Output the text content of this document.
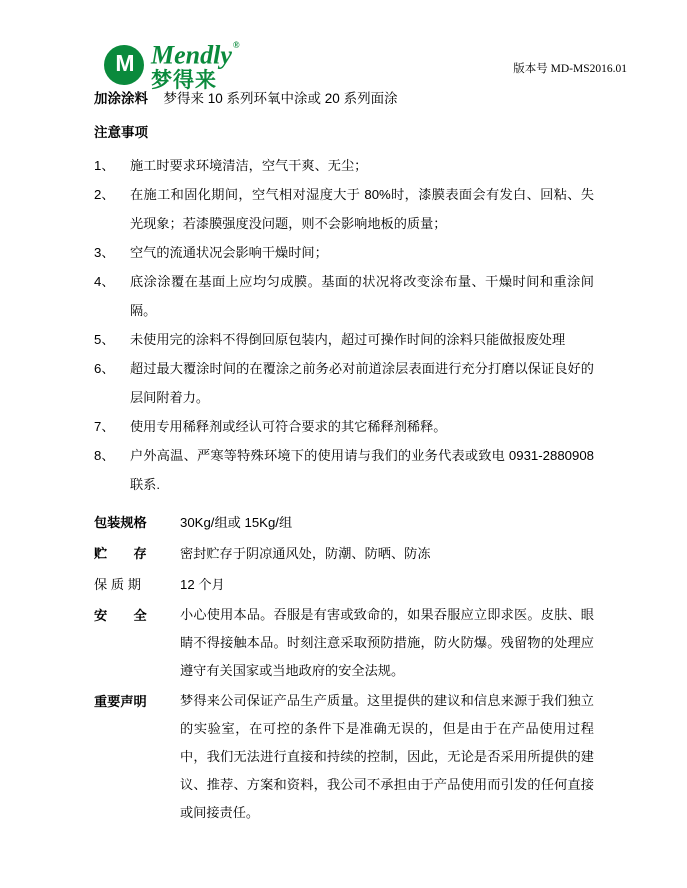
M Mendly®
梦得来	版本号 MD-MS2016.01
加涂涂料 梦得来 10 系列环氧中涂或 20 系列面涂
注意事项
1、 施工时要求环境清洁，空气干爽、无尘；
2、 在施工和固化期间，空气相对湿度大于 80%时，漆膜表面会有发白、回粘、失光现象；若漆膜强度没问题，则不会影响地板的质量；
3、 空气的流通状况会影响干燥时间；
4、 底涂涂覆在基面上应均匀成膜。基面的状况将改变涂布量、干燥时间和重涂间隔。
5、 未使用完的涂料不得倒回原包装内，超过可操作时间的涂料只能做报废处理
6、 超过最大覆涂时间的在覆涂之前务必对前道涂层表面进行充分打磨以保证良好的层间附着力。
7、 使用专用稀释剂或经认可符合要求的其它稀释剂稀释。
8、 户外高温、严寒等特殊环境下的使用请与我们的业务代表或致电 0931-2880908 联系.
包装规格	30Kg/组或 15Kg/组
贮　　存	密封贮存于阴凉通风处，防潮、防晒、防冻
保 质 期	12 个月
安　　全	小心使用本品。吞服是有害或致命的，如果吞服应立即求医。皮肤、眼睛不得接触本品。时刻注意采取预防措施，防火防爆。残留物的处理应遵守有关国家或当地政府的安全法规。
重要声明	梦得来公司保证产品生产质量。这里提供的建议和信息来源于我们独立的实验室，在可控的条件下是准确无误的，但是由于在产品使用过程中，我们无法进行直接和持续的控制，因此，无论是否采用所提供的建议、推荐、方案和资料，我公司不承担由于产品使用而引发的任何直接或间接责任。
